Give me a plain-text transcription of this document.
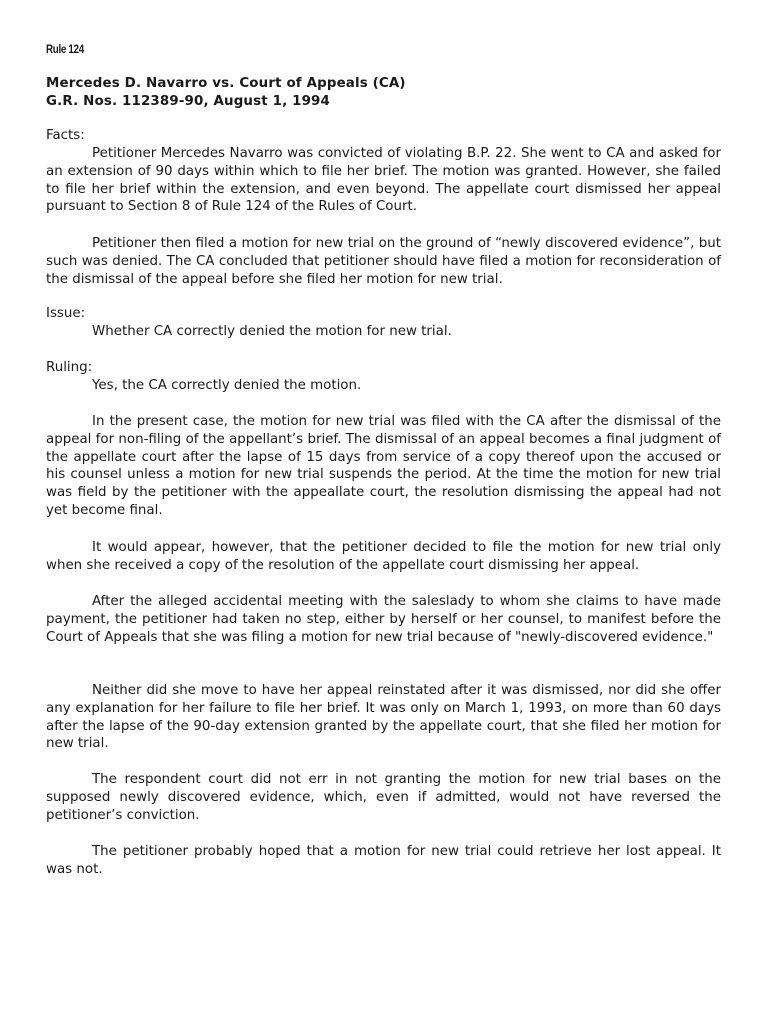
Rule 124
Mercedes D. Navarro vs. Court of Appeals (CA)
G.R. Nos. 112389-90, August 1, 1994
Facts:

Petitioner Mercedes Navarro was convicted of violating B.P. 22. She went to CA and asked for an extension of 90 days within which to file her brief. The motion was granted. However, she failed to file her brief within the extension, and even beyond. The appellate court dismissed her appeal pursuant to Section 8 of Rule 124 of the Rules of Court.

Petitioner then filed a motion for new trial on the ground of “newly discovered evidence”, but such was denied. The CA concluded that petitioner should have filed a motion for reconsideration of the dismissal of the appeal before she filed her motion for new trial.

Issue:
Whether CA correctly denied the motion for new trial.
Ruling:
Yes, the CA correctly denied the motion.

In the present case, the motion for new trial was filed with the CA after the dismissal of the appeal for non-filing of the appellant’s brief. The dismissal of an appeal becomes a final judgment of the appellate court after the lapse of 15 days from service of a copy thereof upon the accused or his counsel unless a motion for new trial suspends the period. At the time the motion for new trial was field by the petitioner with the appeallate court, the resolution dismissing the appeal had not yet become final.

It would appear, however, that the petitioner decided to file the motion for new trial only when she received a copy of the resolution of the appellate court dismissing her appeal.

After the alleged accidental meeting with the saleslady to whom she claims to have made payment, the petitioner had taken no step, either by herself or her counsel, to manifest before the Court of Appeals that she was filing a motion for new trial because of "newly-discovered evidence."

Neither did she move to have her appeal reinstated after it was dismissed, nor did she offer any explanation for her failure to file her brief. It was only on March 1, 1993, on more than 60 days after the lapse of the 90-day extension granted by the appellate court, that she filed her motion for new trial.

The respondent court did not err in not granting the motion for new trial bases on the supposed newly discovered evidence, which, even if admitted, would not have reversed the petitioner’s conviction.

The petitioner probably hoped that a motion for new trial could retrieve her lost appeal. It was not.
